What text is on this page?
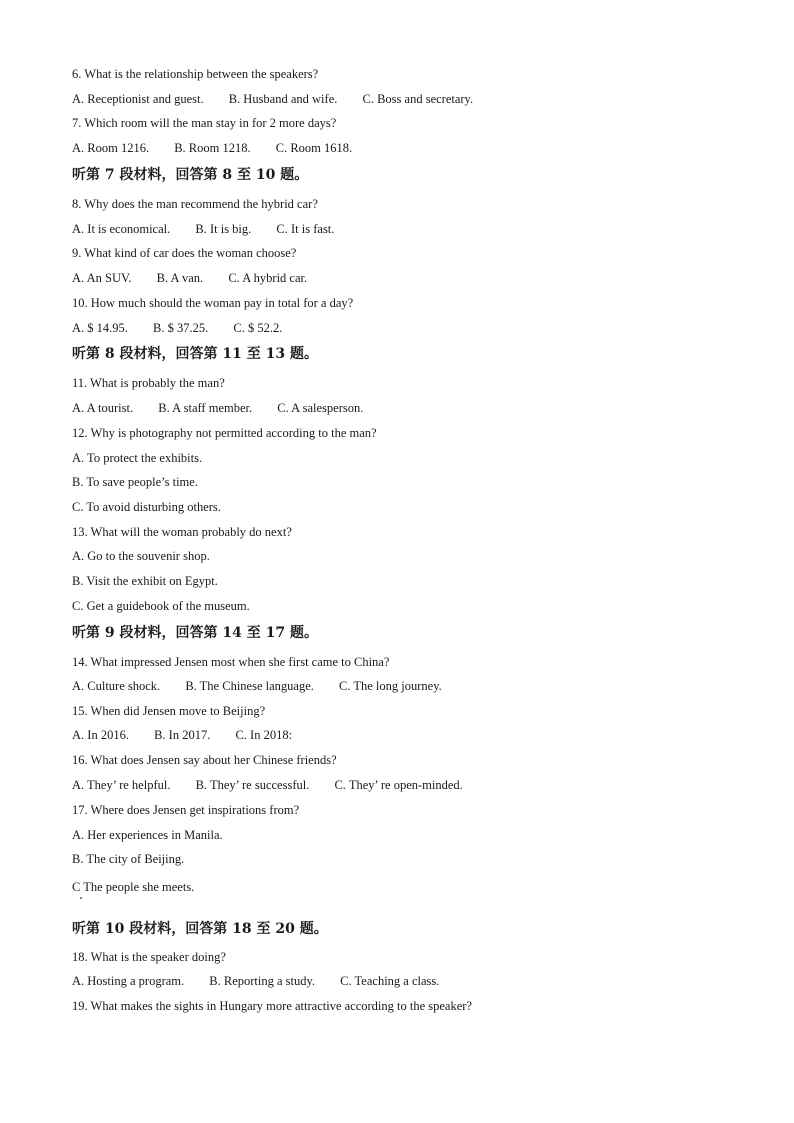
6. What is the relationship between the speakers?
A. Receptionist and guest. B. Husband and wife. C. Boss and secretary.
7. Which room will the man stay in for 2 more days?
A. Room 1216. B. Room 1218. C. Room 1618.
听第 7 段材料，回答第 8 至 10 题。
8. Why does the man recommend the hybrid car?
A. It is economical. B. It is big. C. It is fast.
9. What kind of car does the woman choose?
A. An SUV. B. A van. C. A hybrid car.
10. How much should the woman pay in total for a day?
A. $ 14.95. B. $ 37.25. C. $ 52.2.
听第 8 段材料，回答第 11 至 13 题。
11. What is probably the man?
A. A tourist. B. A staff member. C. A salesperson.
12. Why is photography not permitted according to the man?
A. To protect the exhibits.
B. To save people’s time.
C. To avoid disturbing others.
13. What will the woman probably do next?
A. Go to the souvenir shop.
B. Visit the exhibit on Egypt.
C. Get a guidebook of the museum.
听第 9 段材料，回答第 14 至 17 题。
14. What impressed Jensen most when she first came to China?
A. Culture shock. B. The Chinese language. C. The long journey.
15. When did Jensen move to Beijing?
A. In 2016. B. In 2017. C. In 2018:
16. What does Jensen say about her Chinese friends?
A. They’ re helpful. B. They’ re successful. C. They’ re open-minded.
17. Where does Jensen get inspirations from?
A. Her experiences in Manila.
B. The city of Beijing.
C The people she meets.
听第 10 段材料，回答第 18 至 20 题。
18. What is the speaker doing?
A. Hosting a program. B. Reporting a study. C. Teaching a class.
19. What makes the sights in Hungary more attractive according to the speaker?
